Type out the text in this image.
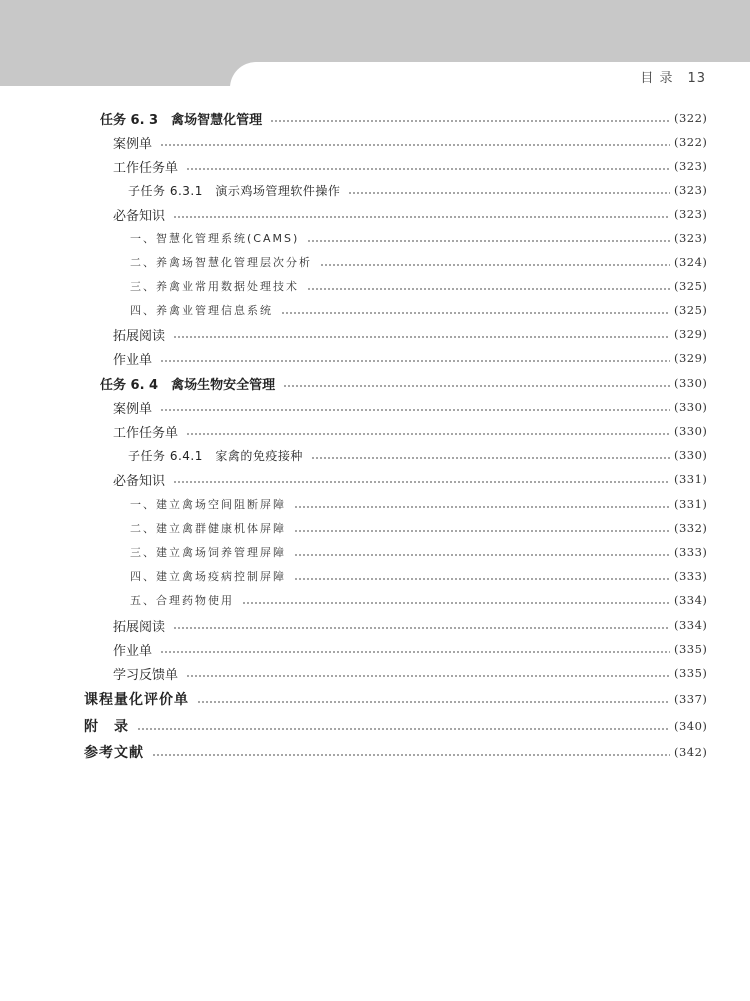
目 录 13
任务 6. 3　禽场智慧化管理	(322)
案例单	(322)
工作任务单	(323)
子任务 6.3.1　演示鸡场管理软件操作	(323)
必备知识	(323)
一、智慧化管理系统(CAMS)	(323)
二、养禽场智慧化管理层次分析	(324)
三、养禽业常用数据处理技术	(325)
四、养禽业管理信息系统	(325)
拓展阅读	(329)
作业单	(329)
任务 6. 4　禽场生物安全管理	(330)
案例单	(330)
工作任务单	(330)
子任务 6.4.1　家禽的免疫接种	(330)
必备知识	(331)
一、建立禽场空间阻断屏障	(331)
二、建立禽群健康机体屏障	(332)
三、建立禽场饲养管理屏障	(333)
四、建立禽场疫病控制屏障	(333)
五、合理药物使用	(334)
拓展阅读	(334)
作业单	(335)
学习反馈单	(335)
课程量化评价单	(337)
附　录	(340)
参考文献	(342)
